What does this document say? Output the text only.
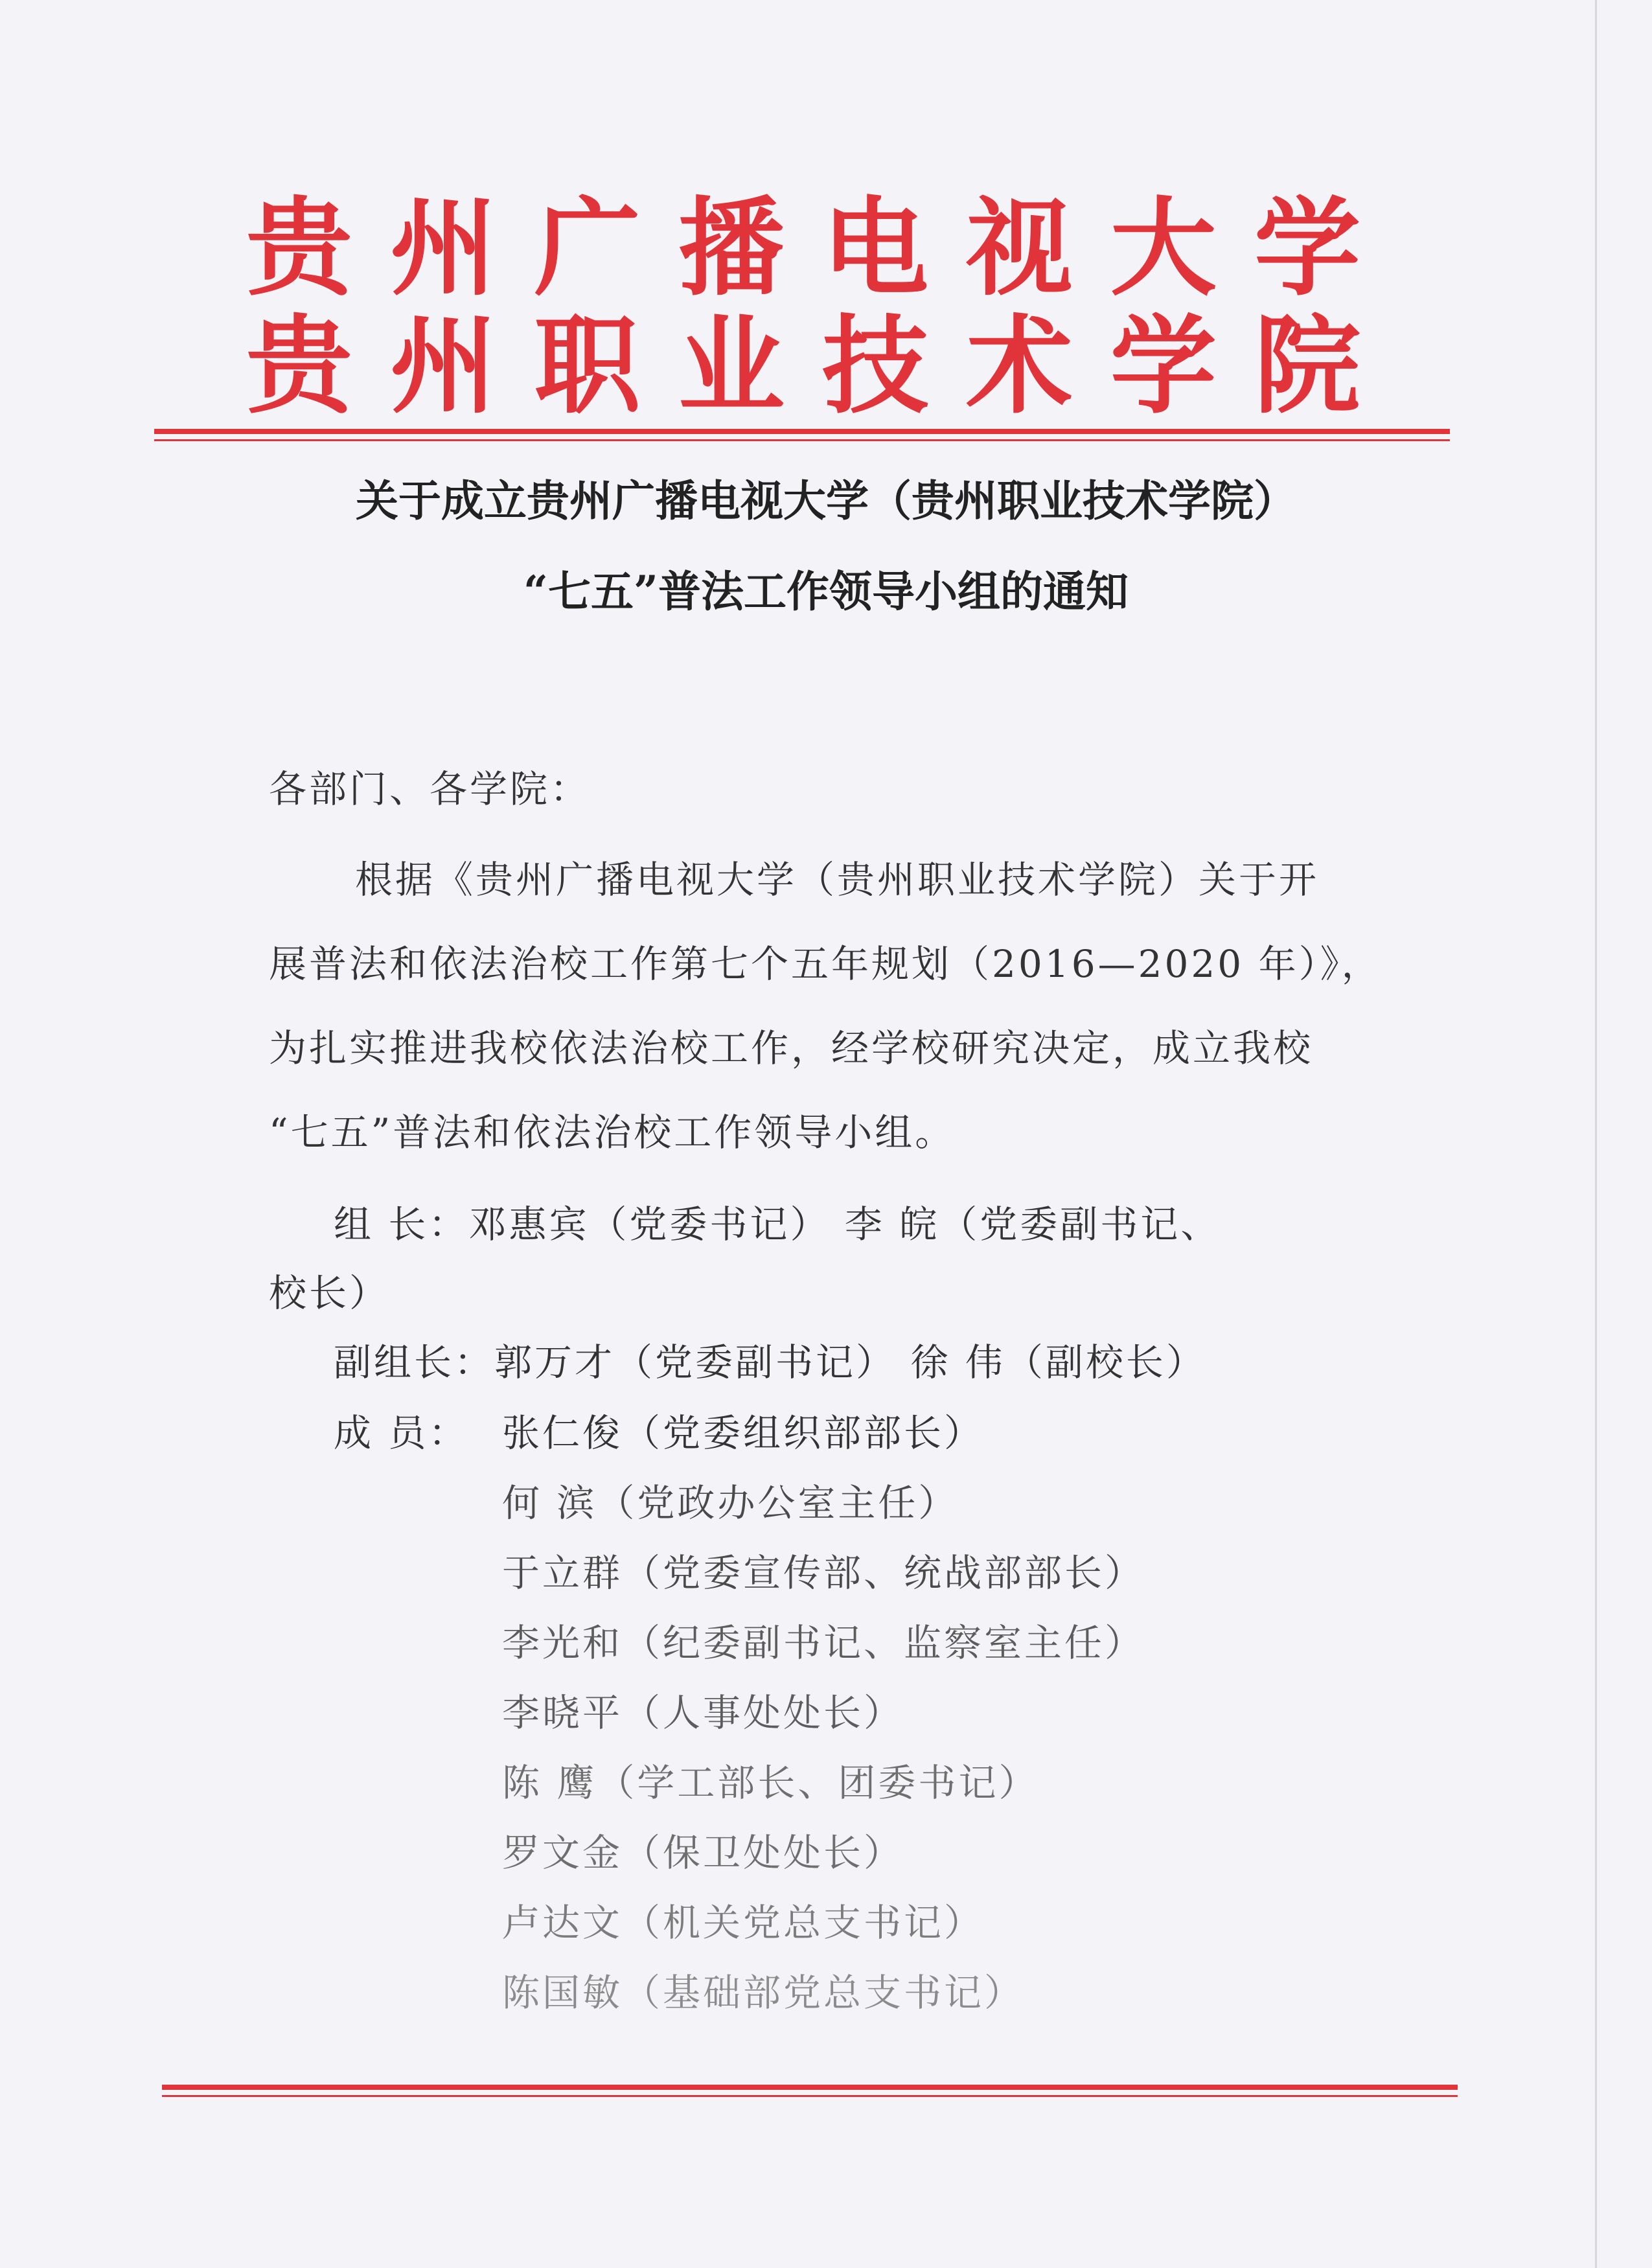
贵州广播电视大学
贵州职业技术学院
关于成立贵州广播电视大学（贵州职业技术学院）
“七五”普法工作领导小组的通知
各部门、各学院：
根据《贵州广播电视大学（贵州职业技术学院）关于开
展普法和依法治校工作第七个五年规划（2016—2020 年）》，
为扎实推进我校依法治校工作，经学校研究决定，成立我校
“七五”普法和依法治校工作领导小组。
组 长：邓惠宾（党委书记） 李 皖（党委副书记、
校长）
副组长：郭万才（党委副书记） 徐 伟（副校长）
成 员： 张仁俊（党委组织部部长）
何 滨（党政办公室主任）
于立群（党委宣传部、统战部部长）
李光和（纪委副书记、监察室主任）
李晓平（人事处处长）
陈 鹰（学工部长、团委书记）
罗文金（保卫处处长）
卢达文（机关党总支书记）
陈国敏（基础部党总支书记）
